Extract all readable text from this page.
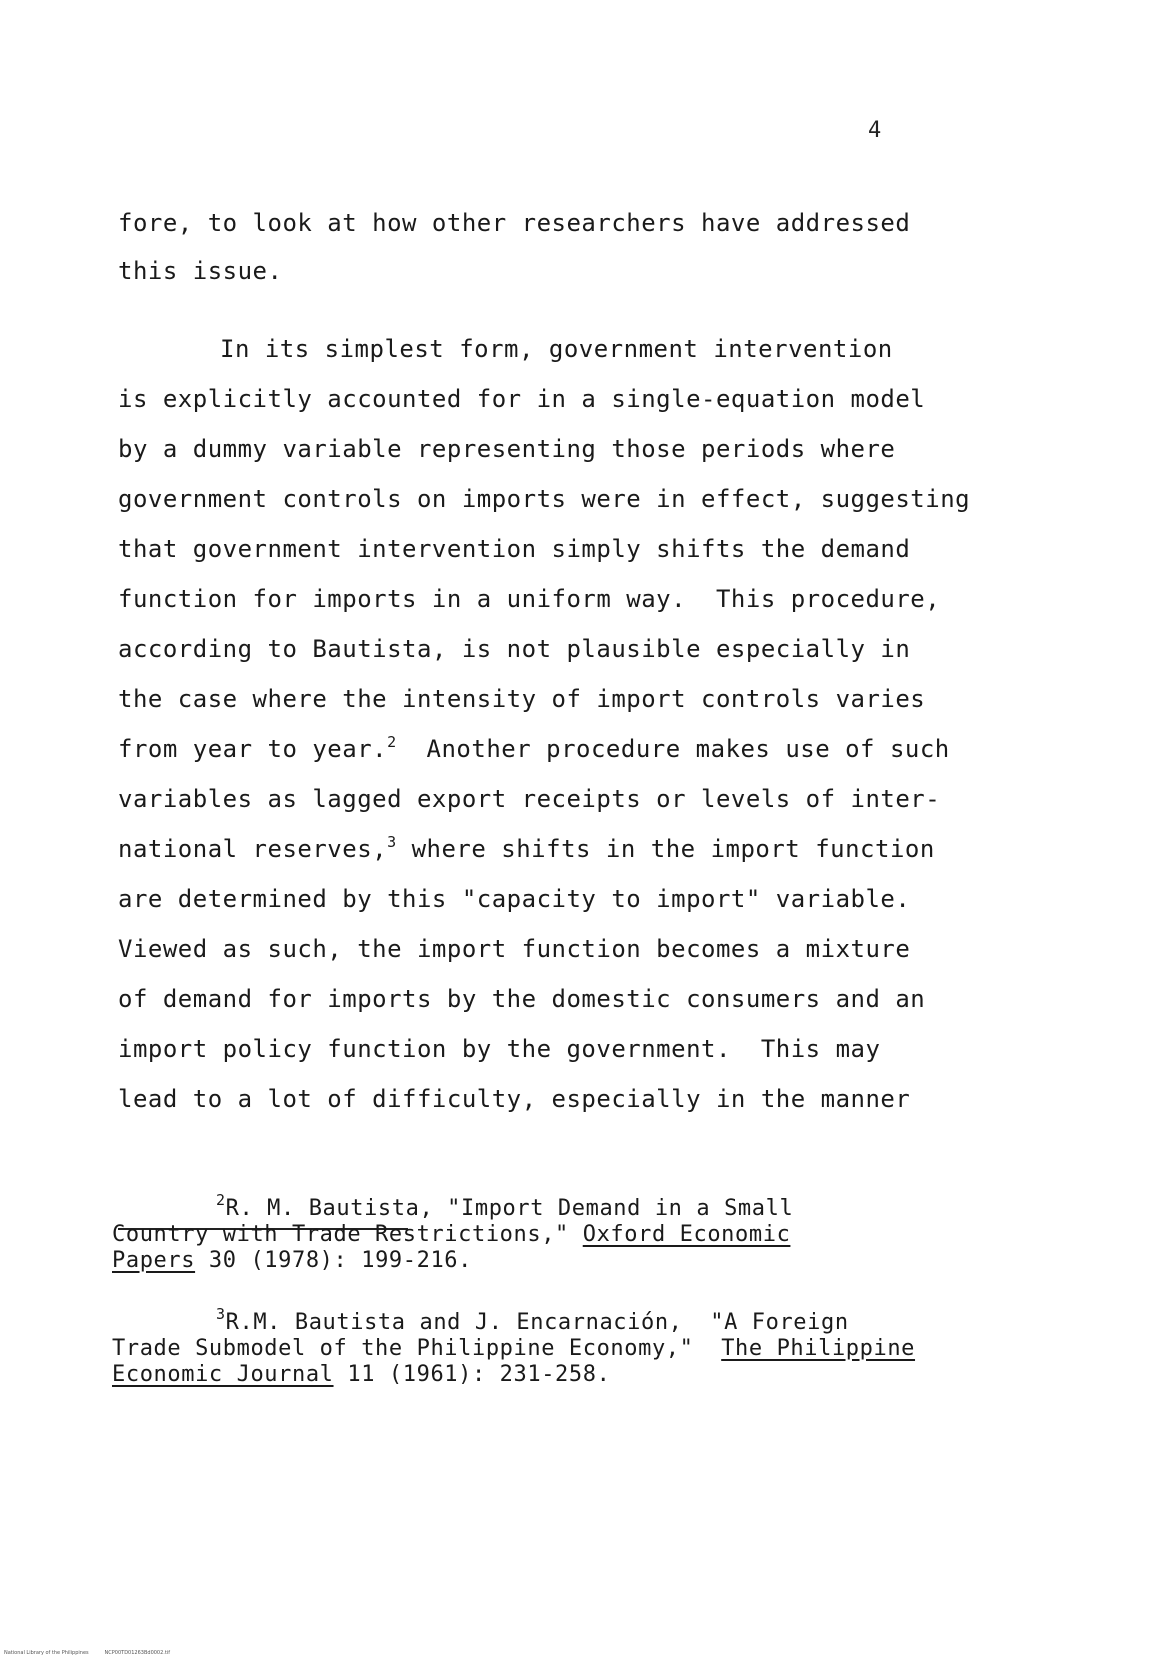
4
fore, to look at how other researchers have addressed
this issue.
In its simplest form, government intervention
is explicitly accounted for in a single-equation model
by a dummy variable representing those periods where
government controls on imports were in effect, suggesting
that government intervention simply shifts the demand
function for imports in a uniform way.  This procedure,
according to Bautista, is not plausible especially in
the case where the intensity of import controls varies
from year to year.$^2$ Another procedure makes use of such
variables as lagged export receipts or levels of inter-
national reserves,$^3$ where shifts in the import function
are determined by this "capacity to import" variable.
Viewed as such, the import function becomes a mixture
of demand for imports by the domestic consumers and an
import policy function by the government.  This may
lead to a lot of difficulty, especially in the manner
$^2$R. M. Bautista, "Import Demand in a Small
Country with Trade Restrictions," Oxford Economic
Papers 30 (1978): 199-216.
$^3$R.M. Bautista and J. Encarnación,  "A Foreign
Trade Submodel of the Philippine Economy,"  The Philippine
Economic Journal 11 (1961): 231-258.
National Library of the Philippines	NCP00TD01263Bd0002.tif
